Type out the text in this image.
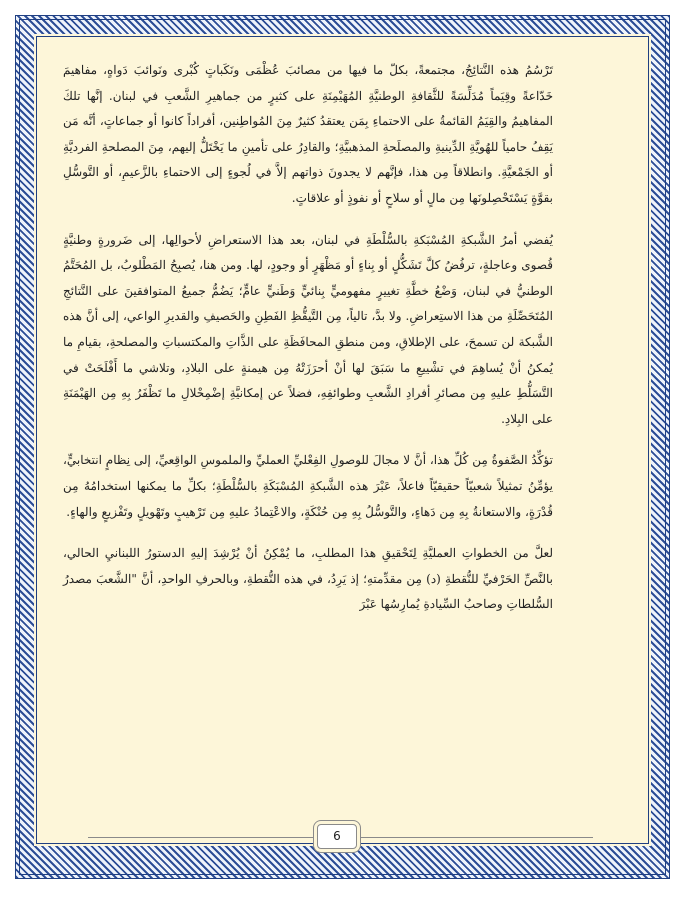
تَرْسُمُ هذه النَّتائِجُ، مجتمعةً، بكلّ ما فيها من مصائبَ عُظْمَى ونَكَباتٍ كُبْرى ونَوائبَ دَواهٍ، مفاهيمَ خَدّاعةً وقِيَماً مُدَلِّسَةً للثَّقافةِ الوطنيَّةِ المُهَيْمِنَةِ على كثيرٍ من جماهيرِ الشَّعبِ في لبنان. إنَّها تلكَ المفاهيمُ والقِيَمُ القائمةُ على الاحتماءِ بِمَن يعتقدُ كثيرٌ مِنَ المُواطِنين، أفراداً كانوا أو جماعاتٍ، أنَّه مَن يَقِفُ حامياً للهُويَّةِ الدِّينيةِ والمصلَحةِ المذهبيَّةِ؛ والقادِرُ على تأمينِ ما يَخْتَلُّ إليهم، مِنَ المصلحةِ الفرديَّةِ أو الجَمْعيَّةِ. وانطلاقاً مِن هذا، فإنَّهم لا يجدونَ ذواتهم إلاَّ في لُجوءٍ إلى الاحتماءِ بالزَّعيمِ، أو التَّوسُّلِ بقوَّةٍ يَسْتَحْصِلونَها مِن مالٍ أو سلاحٍ أو نفوذٍ أو علاقاتٍ.

يُفضي أمرُ الشَّبكةِ المُسْبَكةِ بالسُّلْطَةِ في لبنان، بعد هذا الاستعراضِ لأحوالِها، إلى ضَرورةٍ وطنيَّةٍ قُصوى وعاجلةٍ، ترفُضُ كلَّ تَشَكُّلٍ أو بِناءٍ أو مَظْهَرٍ أو وجودٍ، لها. ومن هنا، يُصبِحُ المَطْلوبُ، بل المُحَتَّمُ الوطنيُّ في لبنان، وَضْعُ خطَّةِ تغييرٍ مفهوميٍّ بِنائيٍّ وَطَنيٍّ عامٍّ؛ يَضُمُّ جميعُ المتوافقينَ على النَّتائجِ المُتَحَصِّلَةِ من هذا الاستِعراضِ. ولا بدَّ، تالياً، مِن التَّيقُّظِ الفَطِنِ والحَصيفِ والقديرِ الواعي، إلى أنَّ هذه الشَّبكة لن تسمحَ، على الإطلاقِ، ومن منطقِ المحافَظَةِ على الذَّاتِ والمكتسباتِ والمصلحةِ، بقيامِ ما يُمكنُ أنْ يُساهِمَ في تشْييعِ ما سَبَقَ لها أنْ أحرَزَتْهُ مِن هيمنةٍ على البلادِ، وتلاشي ما أَفْلَحَتْ في التَّسَلُّطِ عليهِ مِن مصائرِ أفرادِ الشَّعبِ وطوائفِهِ، فضلاً عن إمكانيَّةِ إضْمِحْلالِ ما تَظْفَرُ بِهِ مِن الهَيْمَنَةِ على البِلادِ.

تؤكِّدُ الصَّفوةُ مِن كُلِّ هذا، أنَّ لا مجالَ للوصولِ الفِعْليِّ العمليِّ والملموسِ الواقِعيِّ، إلى نِظامٍ انتخابيٍّ، يؤمِّنُ تمثيلاً شعبيّاً حقيقيّاً فاعلاً، عَبْرَ هذه الشَّبكةِ المُسْبَكَةِ بالسُّلْطَةِ؛ بكلِّ ما يمكنها استخدامُهُ مِن قُدْرَةٍ، والاستعانةُ بِهِ مِن دَهاءٍ، والتَّوسُّلُ بِهِ مِن حُنْكَةٍ، والاعْتِمادُ عليهِ مِن تَرْهيبٍ وتَهْويلٍ وتَفْزيعٍ والهاءٍ.

لعلَّ من الخطواتِ العمليَّةِ لِتَحْقيقِ هذا المطلبِ، ما يُمْكِنُ أنْ يُرْشِدَ إليهِ الدستورُ اللبنانيِ الحالي، بالنَّصِّ الحَرْفيِّ للنُّقطةِ (د) مِن مقدِّمتهِ؛ إذ يَرِدُ، في هذه النُّقطةِ، وبالحرفِ الواحدِ، أنَّ "الشَّعبَ مصدرُ السُّلطاتِ وصاحبُ السِّيادةِ يُمارِسُها عَبْرَ

6
